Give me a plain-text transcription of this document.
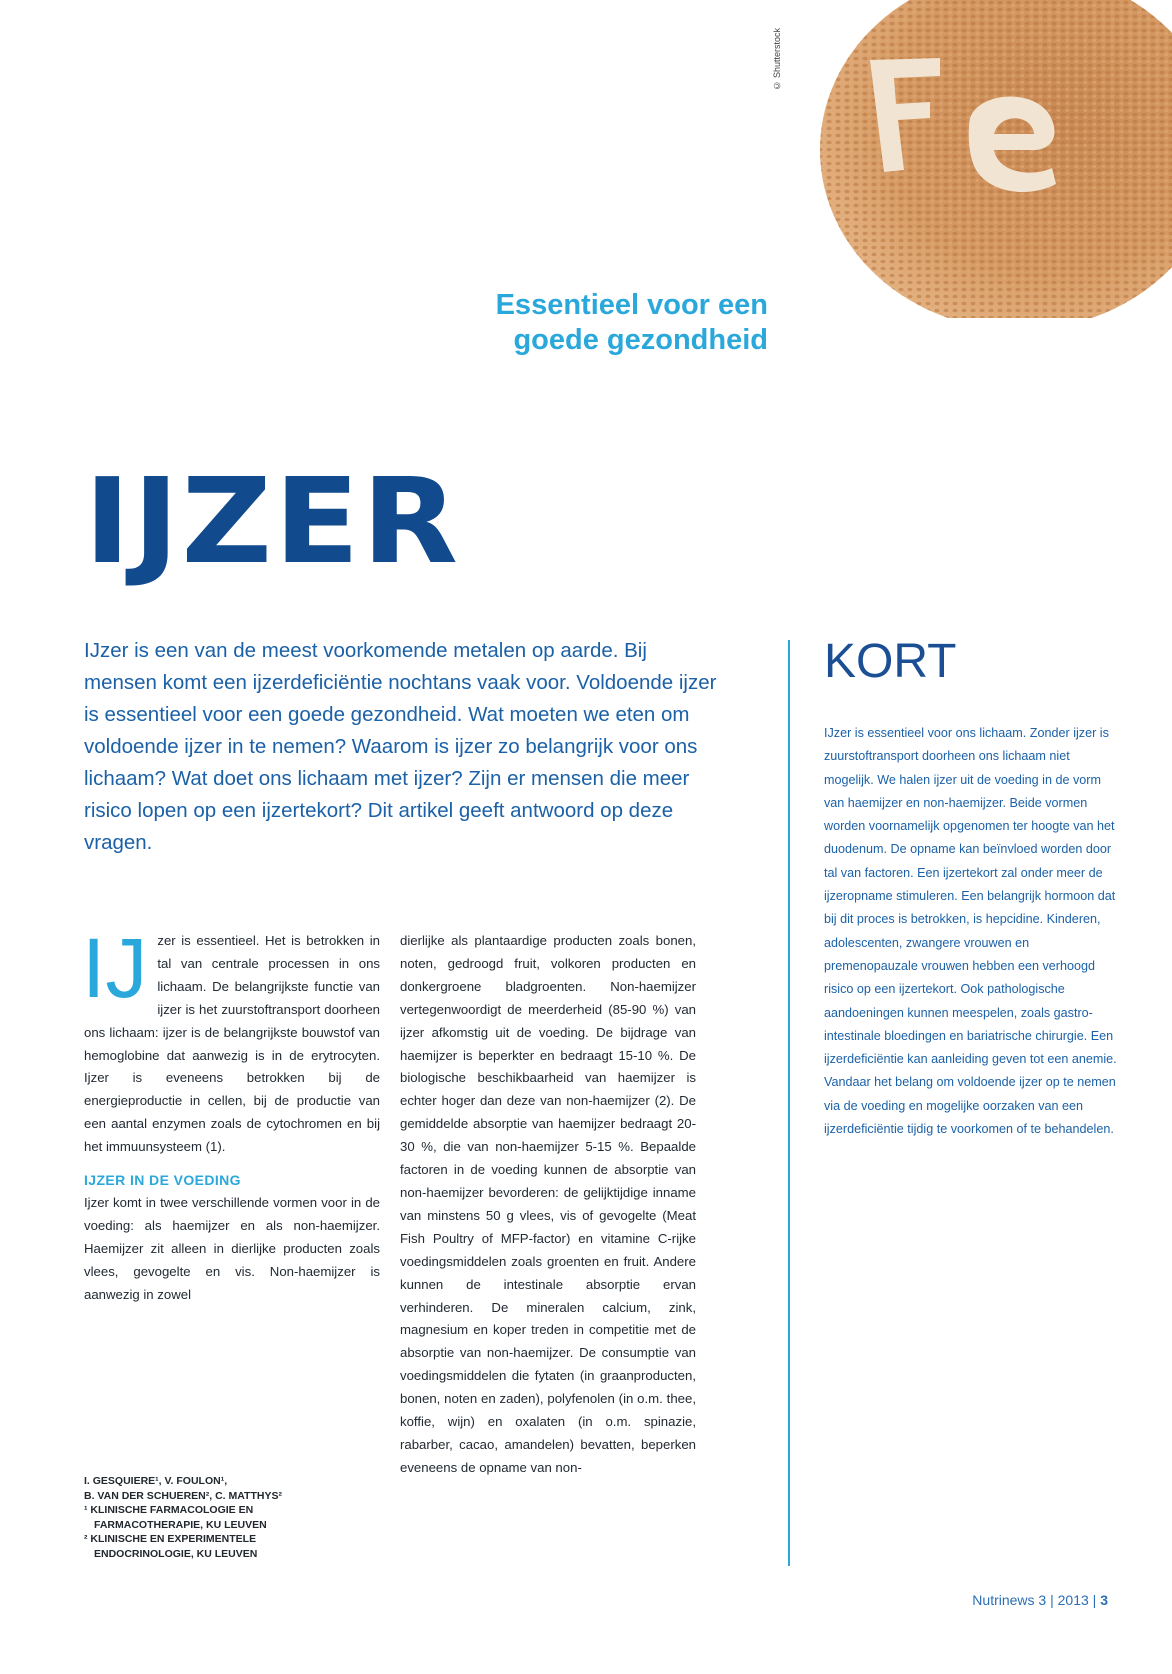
© Shutterstock
Essentieel voor een
goede gezondheid
IJZER
IJzer is een van de meest voorkomende metalen op aarde. Bij mensen komt een ijzerdeficiëntie nochtans vaak voor. Voldoende ijzer is essentieel voor een goede gezondheid. Wat moeten we eten om voldoende ijzer in te nemen? Waarom is ijzer zo belangrijk voor ons lichaam? Wat doet ons lichaam met ijzer? Zijn er mensen die meer risico lopen op een ijzertekort? Dit artikel geeft antwoord op deze vragen.
IJ zer is essentieel. Het is betrokken in tal van centrale processen in ons lichaam. De belangrijkste functie van ijzer is het zuurstoftransport doorheen ons lichaam: ijzer is de belangrijkste bouwstof van hemoglobine dat aanwezig is in de erytrocyten. Ijzer is eveneens betrokken bij de energieproductie in cellen, bij de productie van een aantal enzymen zoals de cytochromen en bij het immuunsysteem (1).
IJZER IN DE VOEDING
Ijzer komt in twee verschillende vormen voor in de voeding: als haemijzer en als non-haemijzer. Haemijzer zit alleen in dierlijke producten zoals vlees, gevogelte en vis. Non-haemijzer is aanwezig in zowel
dierlijke als plantaardige producten zoals bonen, noten, gedroogd fruit, volkoren producten en donkergroene bladgroenten. Non-haemijzer vertegenwoordigt de meerderheid (85-90 %) van ijzer afkomstig uit de voeding. De bijdrage van haemijzer is beperkter en bedraagt 15-10 %. De biologische beschikbaarheid van haemijzer is echter hoger dan deze van non-haemijzer (2). De gemiddelde absorptie van haemijzer bedraagt 20-30 %, die van non-haemijzer 5-15 %. Bepaalde factoren in de voeding kunnen de absorptie van non-haemijzer bevorderen: de gelijktijdige inname van minstens 50 g vlees, vis of gevogelte (Meat Fish Poultry of MFP-factor) en vitamine C-rijke voedingsmiddelen zoals groenten en fruit. Andere kunnen de intestinale absorptie ervan verhinderen. De mineralen calcium, zink, magnesium en koper treden in competitie met de absorptie van non-haemijzer. De consumptie van voedingsmiddelen die fytaten (in graanproducten, bonen, noten en zaden), polyfenolen (in o.m. thee, koffie, wijn) en oxalaten (in o.m. spinazie, rabarber, cacao, amandelen) bevatten, beperken eveneens de opname van non-
I. GESQUIERE¹, V. FOULON¹,
B. VAN DER SCHUEREN², C. MATTHYS²
¹ KLINISCHE FARMACOLOGIE EN
FARMACOTHERAPIE, KU LEUVEN
² KLINISCHE EN EXPERIMENTELE
ENDOCRINOLOGIE, KU LEUVEN
KORT
IJzer is essentieel voor ons lichaam. Zonder ijzer is zuurstoftransport doorheen ons lichaam niet mogelijk. We halen ijzer uit de voeding in de vorm van haemijzer en non-haemijzer. Beide vormen worden voornamelijk opgenomen ter hoogte van het duodenum. De opname kan beïnvloed worden door tal van factoren. Een ijzertekort zal onder meer de ijzeropname stimuleren. Een belangrijk hormoon dat bij dit proces is betrokken, is hepcidine. Kinderen, adolescenten, zwangere vrouwen en premenopauzale vrouwen hebben een verhoogd risico op een ijzertekort. Ook pathologische aandoeningen kunnen meespelen, zoals gastro-intestinale bloedingen en bariatrische chirurgie. Een ijzerdeficiëntie kan aanleiding geven tot een anemie. Vandaar het belang om voldoende ijzer op te nemen via de voeding en mogelijke oorzaken van een ijzerdeficiëntie tijdig te voorkomen of te behandelen.
Nutrinews 3 | 2013 | 3
